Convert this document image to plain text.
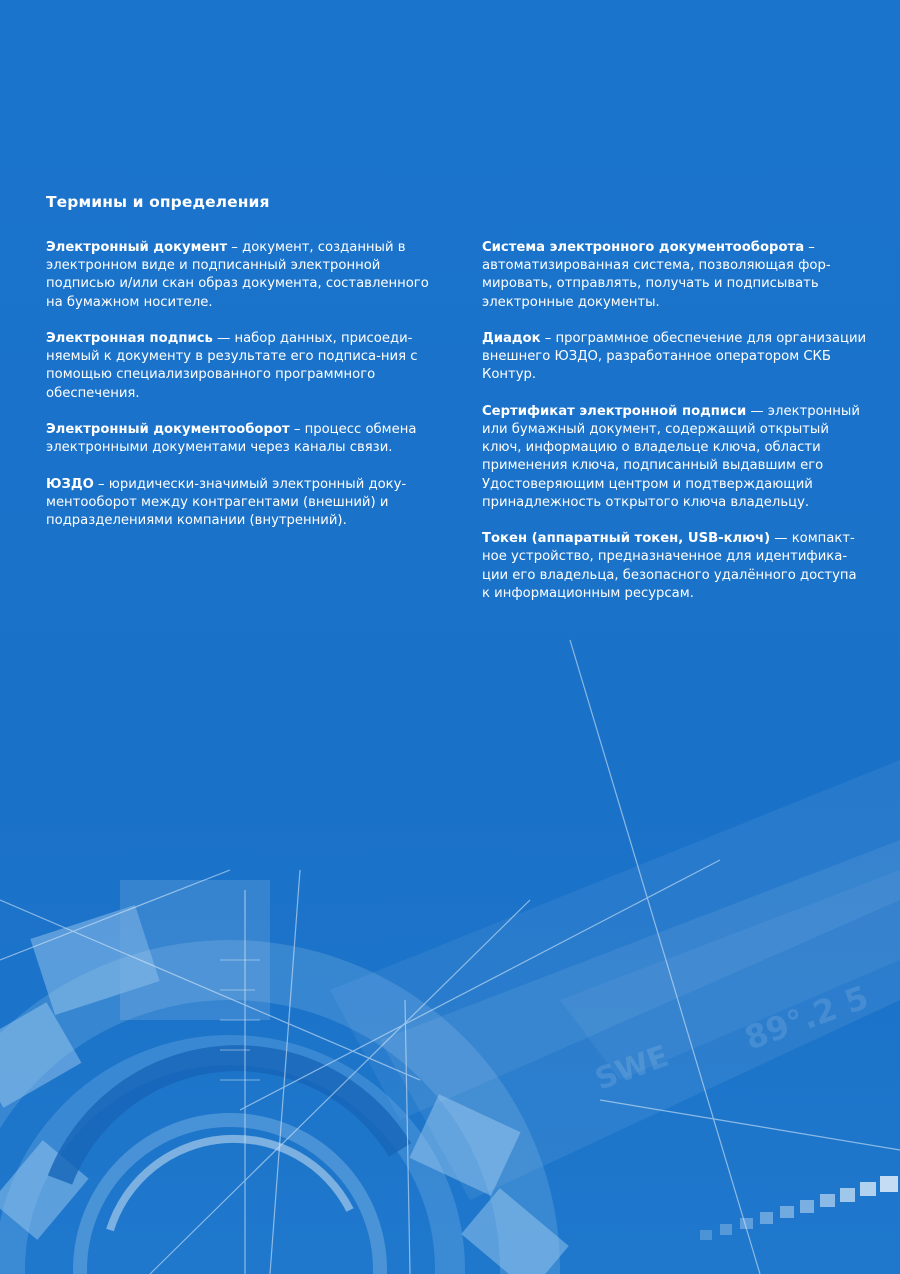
SWE
89°.2 5
Термины и определения

Электронный документ – документ, созданный в электронном виде и подписанный электронной подписью и/или скан образ документа, составленного на бумажном носителе.

Электронная подпись — набор данных, присоединяемый к документу в результате его подписа-ния с помощью специализированного программного обеспечения.

Электронный документооборот – процесс обмена электронными документами через каналы связи.

ЮЗДО – юридически-значимый электронный документооборот между контрагентами (внешний) и подразделениями компании (внутренний).

Система электронного документооборота – автоматизированная система, позволяющая формировать, отправлять, получать и подписывать электронные документы.

Диадок – программное обеспечение для организации внешнего ЮЗДО, разработанное оператором СКБ Контур.

Сертификат электронной подписи — электронный или бумажный документ, содержащий открытый ключ, информацию о владельце ключа, области применения ключа, подписанный выдавшим его Удостоверяющим центром и подтверждающий принадлежность открытого ключа владельцу.

Токен (аппаратный токен, USB-ключ) — компактное устройство, предназначенное для идентификации его владельца, безопасного удалённого доступа к информационным ресурсам.
